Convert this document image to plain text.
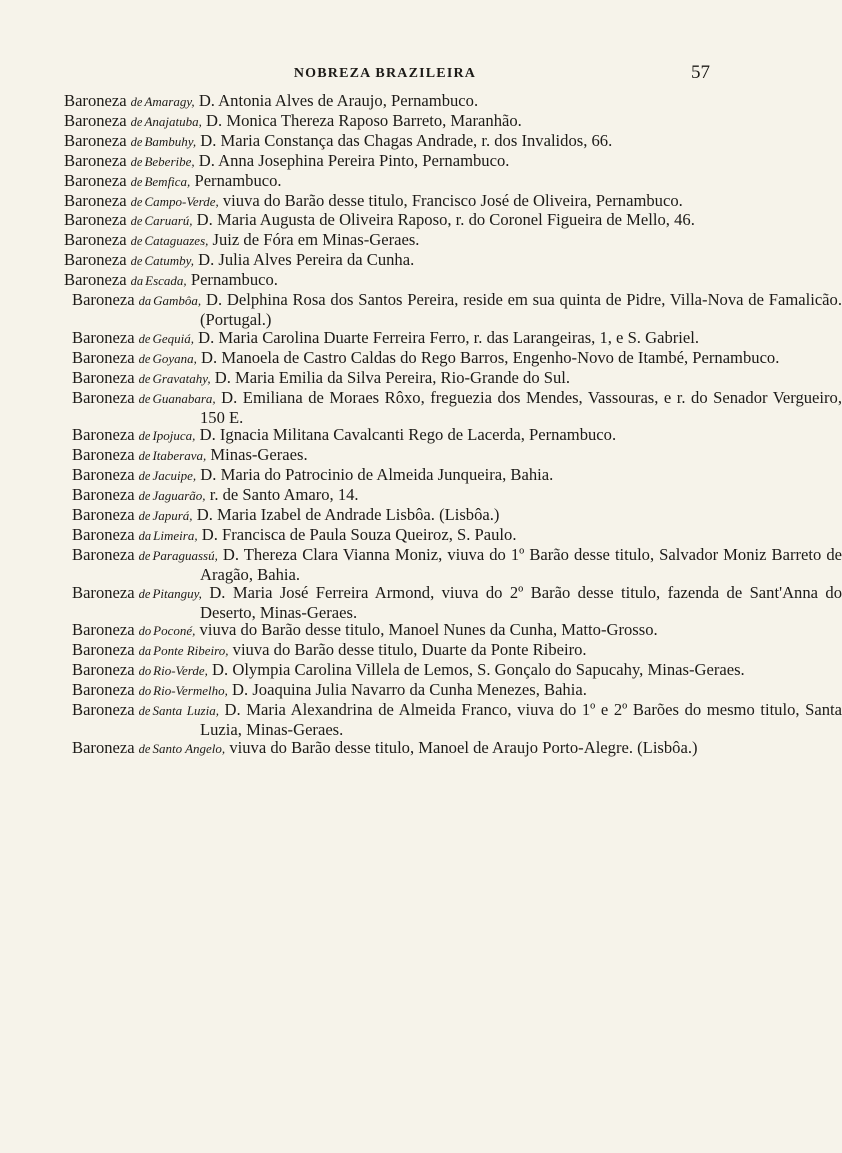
NOBREZA BRAZILEIRA	57
Baroneza de Amaragy, D. Antonia Alves de Araujo, Pernambuco.
Baroneza de Anajatuba, D. Monica Thereza Raposo Barreto, Maranhão.
Baroneza de Bambuhy, D. Maria Constança das Chagas Andrade, r. dos Invalidos, 66.
Baroneza de Beberibe, D. Anna Josephina Pereira Pinto, Pernambuco.
Baroneza de Bemfica, Pernambuco.
Baroneza de Campo-Verde, viuva do Barão desse titulo, Francisco José de Oliveira, Pernambuco.
Baroneza de Caruarú, D. Maria Augusta de Oliveira Raposo, r. do Coronel Figueira de Mello, 46.
Baroneza de Cataguazes, Juiz de Fóra em Minas-Geraes.
Baroneza de Catumby, D. Julia Alves Pereira da Cunha.
Baroneza da Escada, Pernambuco.
Baroneza da Gambôa, D. Delphina Rosa dos Santos Pereira, reside em sua quinta de Pidre, Villa-Nova de Famalicão. (Portugal.)
Baroneza de Gequiá, D. Maria Carolina Duarte Ferreira Ferro, r. das Larangeiras, 1, e S. Gabriel.
Baroneza de Goyana, D. Manoela de Castro Caldas do Rego Barros, Engenho-Novo de Itambé, Pernambuco.
Baroneza de Gravatahy, D. Maria Emilia da Silva Pereira, Rio-Grande do Sul.
Baroneza de Guanabara, D. Emiliana de Moraes Rôxo, freguezia dos Mendes, Vassouras, e r. do Senador Vergueiro, 150 E.
Baroneza de Ipojuca, D. Ignacia Militana Cavalcanti Rego de Lacerda, Pernambuco.
Baroneza de Itaberava, Minas-Geraes.
Baroneza de Jacuipe, D. Maria do Patrocinio de Almeida Junqueira, Bahia.
Baroneza de Jaguarão, r. de Santo Amaro, 14.
Baroneza de Japurá, D. Maria Izabel de Andrade Lisbôa. (Lisbôa.)
Baroneza da Limeira, D. Francisca de Paula Souza Queiroz, S. Paulo.
Baroneza de Paraguassú, D. Thereza Clara Vianna Moniz, viuva do 1º Barão desse titulo, Salvador Moniz Barreto de Aragão, Bahia.
Baroneza de Pitanguy, D. Maria José Ferreira Armond, viuva do 2º Barão desse titulo, fazenda de Sant'Anna do Deserto, Minas-Geraes.
Baroneza do Poconé, viuva do Barão desse titulo, Manoel Nunes da Cunha, Matto-Grosso.
Baroneza da Ponte Ribeiro, viuva do Barão desse titulo, Duarte da Ponte Ribeiro.
Baroneza do Rio-Verde, D. Olympia Carolina Villela de Lemos, S. Gonçalo do Sapucahy, Minas-Geraes.
Baroneza do Rio-Vermelho, D. Joaquina Julia Navarro da Cunha Menezes, Bahia.
Baroneza de Santa Luzia, D. Maria Alexandrina de Almeida Franco, viuva do 1º e 2º Barões do mesmo titulo, Santa Luzia, Minas-Geraes.
Baroneza de Santo Angelo, viuva do Barão desse titulo, Manoel de Araujo Porto-Alegre. (Lisbôa.)
